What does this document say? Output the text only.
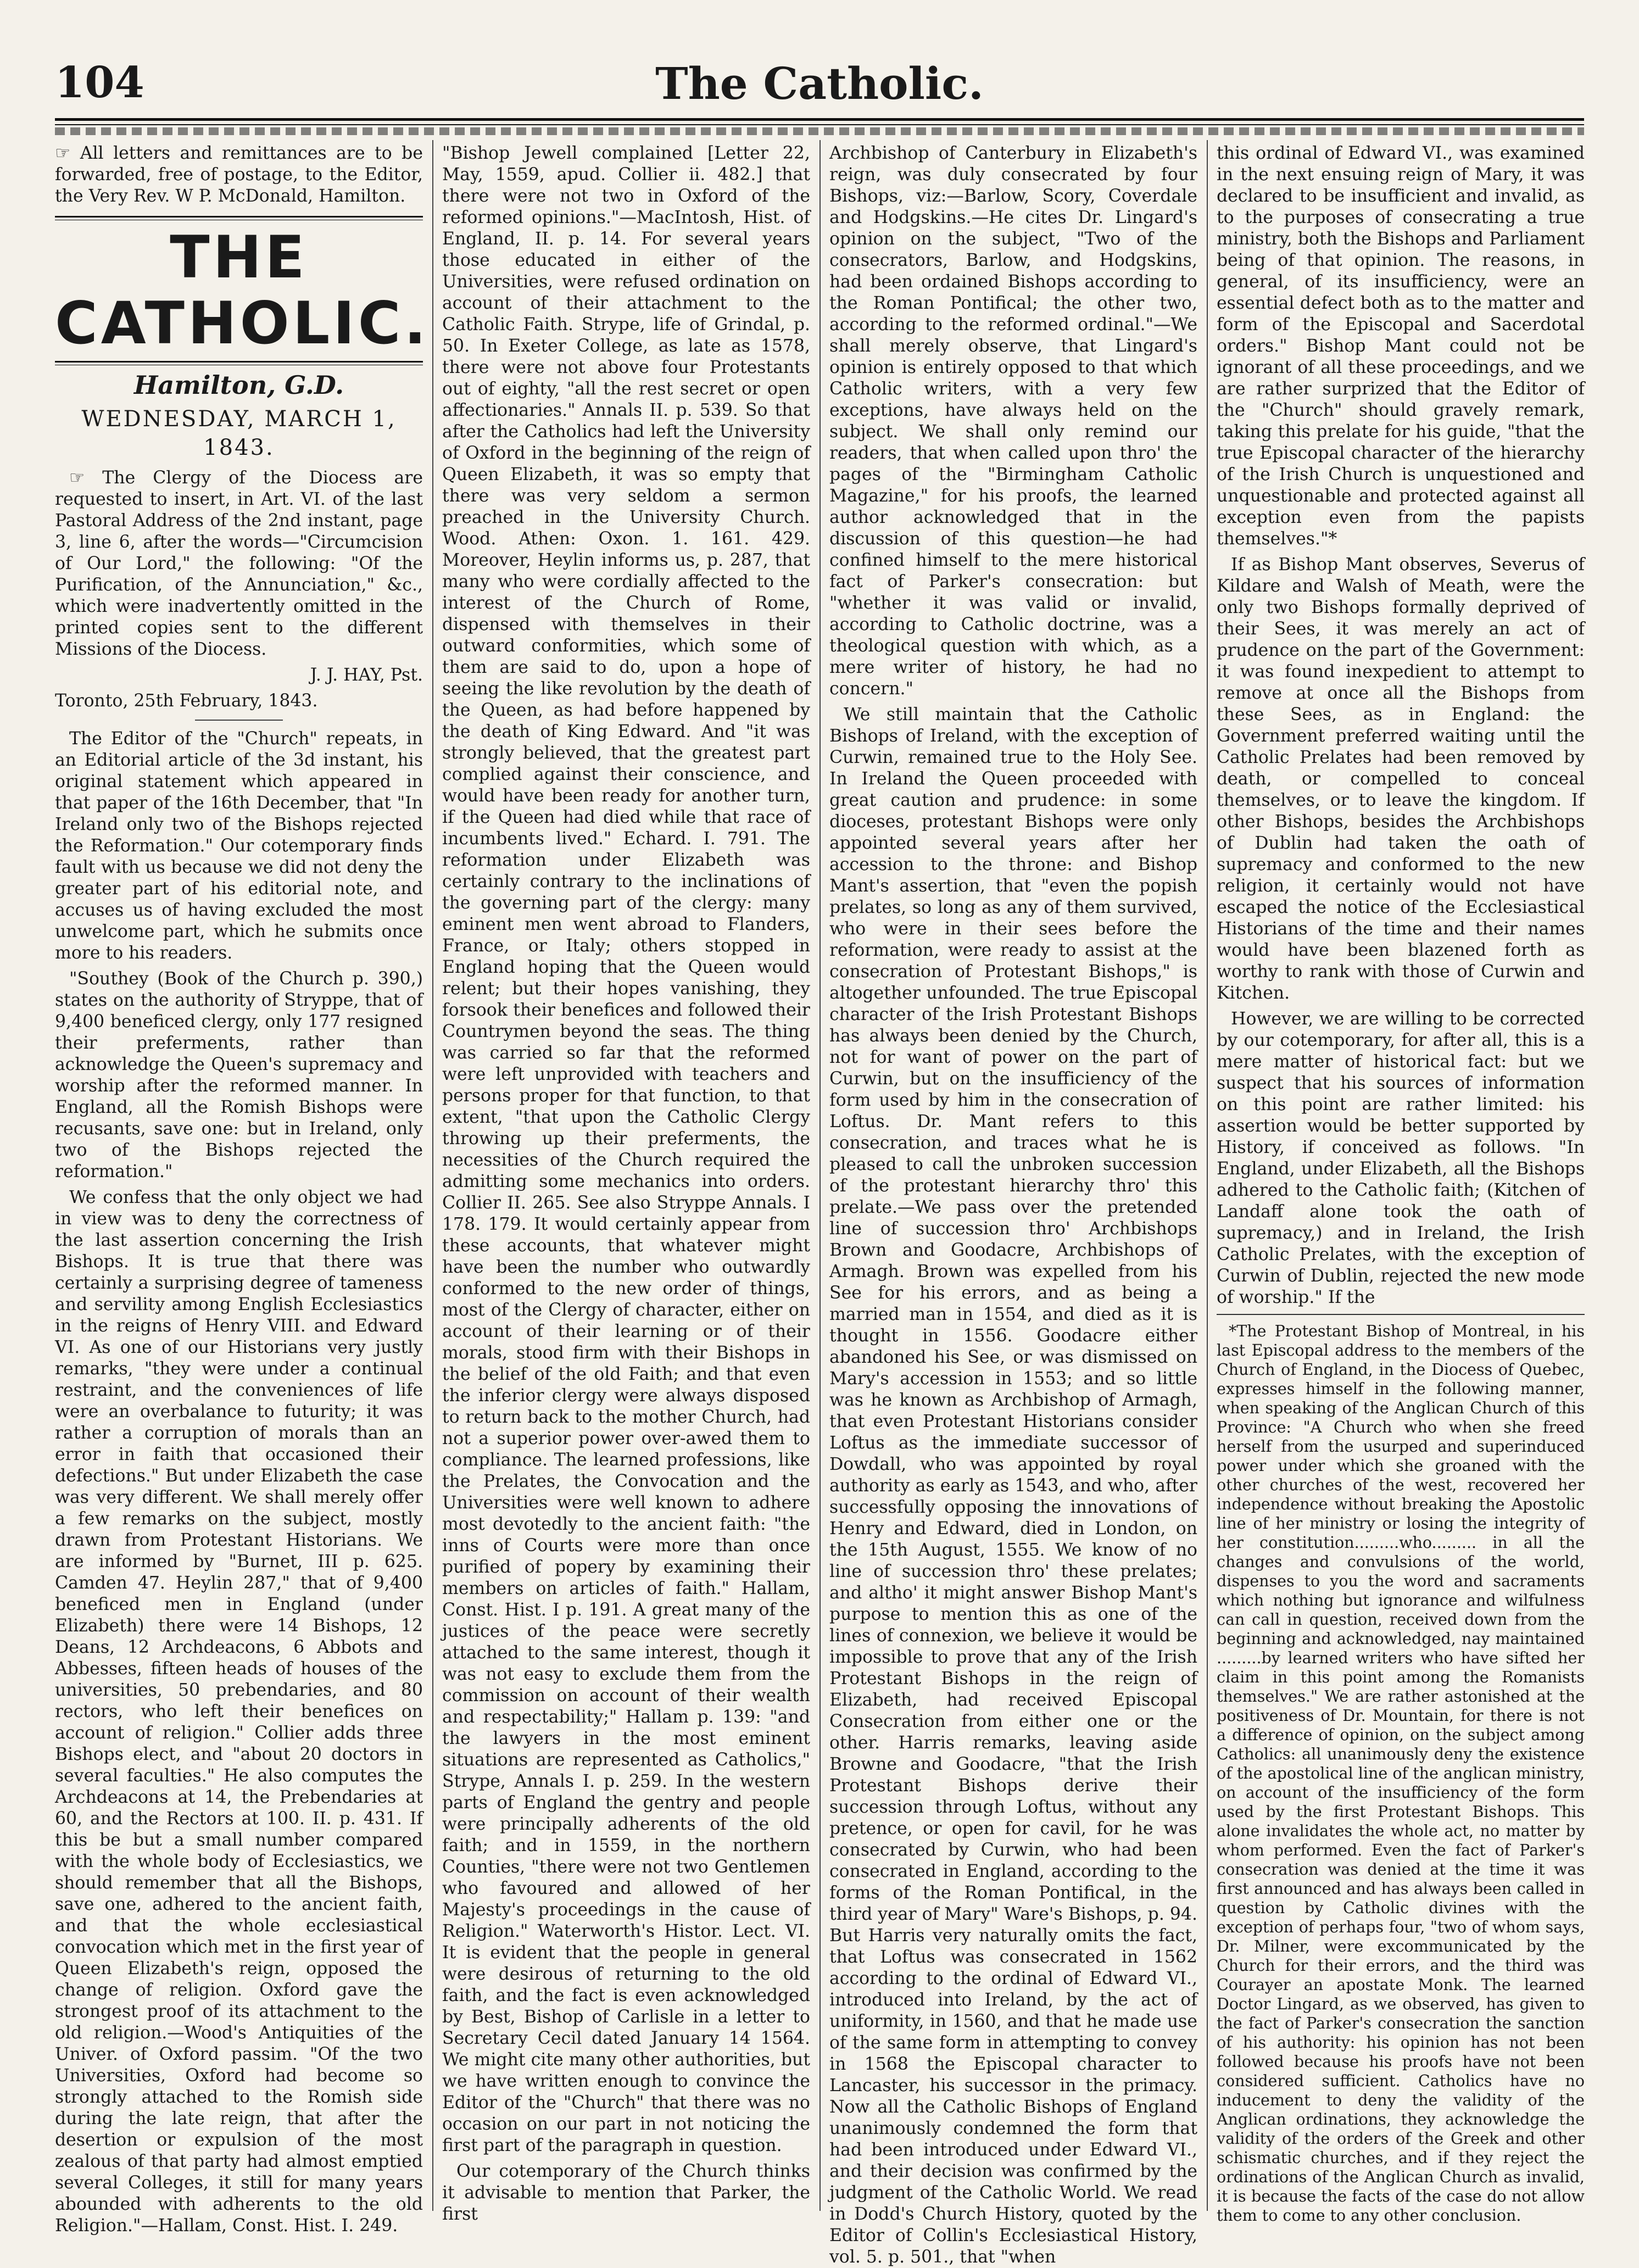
104	The Catholic.

☞ All letters and remittances are to be forwarded, free of postage, to the Editor, the Very Rev. W P. McDonald, Hamilton.

THE CATHOLIC.
Hamilton, G.D.
WEDNESDAY, MARCH 1, 1843.

☞ The Clergy of the Diocess are requested to insert, in Art. VI. of the last Pastoral Address of the 2nd instant, page 3, line 6, after the words—"Circumcision of Our Lord," the following: "Of the Purification, of the Annunciation," &c., which were inadvertently omitted in the printed copies sent to the different Missions of the Diocess.

J. J. HAY, Pst.

Toronto, 25th February, 1843.

The Editor of the "Church" repeats, in an Editorial article of the 3d instant, his original statement which appeared in that paper of the 16th December, that "In Ireland only two of the Bishops rejected the Reformation." Our cotemporary finds fault with us because we did not deny the greater part of his editorial note, and accuses us of having excluded the most unwelcome part, which he submits once more to his readers.

"Southey (Book of the Church p. 390,) states on the authority of Stryppe, that of 9,400 beneficed clergy, only 177 resigned their preferments, rather than acknowledge the Queen's supremacy and worship after the reformed manner. In England, all the Romish Bishops were recusants, save one: but in Ireland, only two of the Bishops rejected the reformation."

We confess that the only object we had in view was to deny the correctness of the last assertion concerning the Irish Bishops. It is true that there was certainly a surprising degree of tameness and servility among English Ecclesiastics in the reigns of Henry VIII. and Edward VI. As one of our Historians very justly remarks, "they were under a continual restraint, and the conveniences of life were an overbalance to futurity; it was rather a corruption of morals than an error in faith that occasioned their defections." But under Elizabeth the case was very different. We shall merely offer a few remarks on the subject, mostly drawn from Protestant Historians. We are informed by "Burnet, III p. 625. Camden 47. Heylin 287," that of 9,400 beneficed men in England (under Elizabeth) there were 14 Bishops, 12 Deans, 12 Archdeacons, 6 Abbots and Abbesses, fifteen heads of houses of the universities, 50 prebendaries, and 80 rectors, who left their benefices on account of religion." Collier adds three Bishops elect, and "about 20 doctors in several faculties." He also computes the Archdeacons at 14, the Prebendaries at 60, and the Rectors at 100. II. p. 431. If this be but a small number compared with the whole body of Ecclesiastics, we should remember that all the Bishops, save one, adhered to the ancient faith, and that the whole ecclesiastical convocation which met in the first year of Queen Elizabeth's reign, opposed the change of religion. Oxford gave the strongest proof of its attachment to the old religion.—Wood's Antiquities of the Univer. of Oxford passim. "Of the two Universities, Oxford had become so strongly attached to the Romish side during the late reign, that after the desertion or expulsion of the most zealous of that party had almost emptied several Colleges, it still for many years abounded with adherents to the old Religion."—Hallam, Const. Hist. I. 249.

"Bishop Jewell complained [Letter 22, May, 1559, apud. Collier ii. 482.] that there were not two in Oxford of the reformed opinions."—MacIntosh, Hist. of England, II. p. 14. For several years those educated in either of the Universities, were refused ordination on account of their attachment to the Catholic Faith. Strype, life of Grindal, p. 50. In Exeter College, as late as 1578, there were not above four Protestants out of eighty, "all the rest secret or open affectionaries." Annals II. p. 539. So that after the Catholics had left the University of Oxford in the beginning of the reign of Queen Elizabeth, it was so empty that there was very seldom a sermon preached in the University Church. Wood. Athen: Oxon. 1. 161. 429. Moreover, Heylin informs us, p. 287, that many who were cordially affected to the interest of the Church of Rome, dispensed with themselves in their outward conformities, which some of them are said to do, upon a hope of seeing the like revolution by the death of the Queen, as had before happened by the death of King Edward. And "it was strongly believed, that the greatest part complied against their conscience, and would have been ready for another turn, if the Queen had died while that race of incumbents lived." Echard. I. 791. The reformation under Elizabeth was certainly contrary to the inclinations of the governing part of the clergy: many eminent men went abroad to Flanders, France, or Italy; others stopped in England hoping that the Queen would relent; but their hopes vanishing, they forsook their benefices and followed their Countrymen beyond the seas. The thing was carried so far that the reformed were left unprovided with teachers and persons proper for that function, to that extent, "that upon the Catholic Clergy throwing up their preferments, the necessities of the Church required the admitting some mechanics into orders. Collier II. 265. See also Stryppe Annals. I 178. 179. It would certainly appear from these accounts, that whatever might have been the number who outwardly conformed to the new order of things, most of the Clergy of character, either on account of their learning or of their morals, stood firm with their Bishops in the belief of the old Faith; and that even the inferior clergy were always disposed to return back to the mother Church, had not a superior power over-awed them to compliance. The learned professions, like the Prelates, the Convocation and the Universities were well known to adhere most devotedly to the ancient faith: "the inns of Courts were more than once purified of popery by examining their members on articles of faith." Hallam, Const. Hist. I p. 191. A great many of the justices of the peace were secretly attached to the same interest, though it was not easy to exclude them from the commission on account of their wealth and respectability;" Hallam p. 139: "and the lawyers in the most eminent situations are represented as Catholics," Strype, Annals I. p. 259. In the western parts of England the gentry and people were principally adherents of the old faith; and in 1559, in the northern Counties, "there were not two Gentlemen who favoured and allowed of her Majesty's proceedings in the cause of Religion." Waterworth's Histor. Lect. VI. It is evident that the people in general were desirous of returning to the old faith, and the fact is even acknowledged by Best, Bishop of Carlisle in a letter to Secretary Cecil dated January 14 1564. We might cite many other authorities, but we have written enough to convince the Editor of the "Church" that there was no occasion on our part in not noticing the first part of the paragraph in question.

Our cotemporary of the Church thinks it advisable to mention that Parker, the first

Archbishop of Canterbury in Elizabeth's reign, was duly consecrated by four Bishops, viz:—Barlow, Scory, Coverdale and Hodgskins.—He cites Dr. Lingard's opinion on the subject, "Two of the consecrators, Barlow, and Hodgskins, had been ordained Bishops according to the Roman Pontifical; the other two, according to the reformed ordinal."—We shall merely observe, that Lingard's opinion is entirely opposed to that which Catholic writers, with a very few exceptions, have always held on the subject. We shall only remind our readers, that when called upon thro' the pages of the "Birmingham Catholic Magazine," for his proofs, the learned author acknowledged that in the discussion of this question—he had confined himself to the mere historical fact of Parker's consecration: but "whether it was valid or invalid, according to Catholic doctrine, was a theological question with which, as a mere writer of history, he had no concern."

We still maintain that the Catholic Bishops of Ireland, with the exception of Curwin, remained true to the Holy See. In Ireland the Queen proceeded with great caution and prudence: in some dioceses, protestant Bishops were only appointed several years after her accession to the throne: and Bishop Mant's assertion, that "even the popish prelates, so long as any of them survived, who were in their sees before the reformation, were ready to assist at the consecration of Protestant Bishops," is altogether unfounded. The true Episcopal character of the Irish Protestant Bishops has always been denied by the Church, not for want of power on the part of Curwin, but on the insufficiency of the form used by him in the consecration of Loftus. Dr. Mant refers to this consecration, and traces what he is pleased to call the unbroken succession of the protestant hierarchy thro' this prelate.—We pass over the pretended line of succession thro' Archbishops Brown and Goodacre, Archbishops of Armagh. Brown was expelled from his See for his errors, and as being a married man in 1554, and died as it is thought in 1556. Goodacre either abandoned his See, or was dismissed on Mary's accession in 1553; and so little was he known as Archbishop of Armagh, that even Protestant Historians consider Loftus as the immediate successor of Dowdall, who was appointed by royal authority as early as 1543, and who, after successfully opposing the innovations of Henry and Edward, died in London, on the 15th August, 1555. We know of no line of succession thro' these prelates; and altho' it might answer Bishop Mant's purpose to mention this as one of the lines of connexion, we believe it would be impossible to prove that any of the Irish Protestant Bishops in the reign of Elizabeth, had received Episcopal Consecration from either one or the other. Harris remarks, leaving aside Browne and Goodacre, "that the Irish Protestant Bishops derive their succession through Loftus, without any pretence, or open for cavil, for he was consecrated by Curwin, who had been consecrated in England, according to the forms of the Roman Pontifical, in the third year of Mary" Ware's Bishops, p. 94. But Harris very naturally omits the fact, that Loftus was consecrated in 1562 according to the ordinal of Edward VI., introduced into Ireland, by the act of uniformity, in 1560, and that he made use of the same form in attempting to convey in 1568 the Episcopal character to Lancaster, his successor in the primacy. Now all the Catholic Bishops of England unanimously condemned the form that had been introduced under Edward VI., and their decision was confirmed by the judgment of the Catholic World. We read in Dodd's Church History, quoted by the Editor of Collin's Ecclesiastical History, vol. 5. p. 501., that "when

this ordinal of Edward VI., was examined in the next ensuing reign of Mary, it was declared to be insufficient and invalid, as to the purposes of consecrating a true ministry, both the Bishops and Parliament being of that opinion. The reasons, in general, of its insufficiency, were an essential defect both as to the matter and form of the Episcopal and Sacerdotal orders." Bishop Mant could not be ignorant of all these proceedings, and we are rather surprized that the Editor of the "Church" should gravely remark, taking this prelate for his guide, "that the true Episcopal character of the hierarchy of the Irish Church is unquestioned and unquestionable and protected against all exception even from the papists themselves."*

If as Bishop Mant observes, Severus of Kildare and Walsh of Meath, were the only two Bishops formally deprived of their Sees, it was merely an act of prudence on the part of the Government: it was found inexpedient to attempt to remove at once all the Bishops from these Sees, as in England: the Government preferred waiting until the Catholic Prelates had been removed by death, or compelled to conceal themselves, or to leave the kingdom. If other Bishops, besides the Archbishops of Dublin had taken the oath of supremacy and conformed to the new religion, it certainly would not have escaped the notice of the Ecclesiastical Historians of the time and their names would have been blazened forth as worthy to rank with those of Curwin and Kitchen.

However, we are willing to be corrected by our cotemporary, for after all, this is a mere matter of historical fact: but we suspect that his sources of information on this point are rather limited: his assertion would be better supported by History, if conceived as follows. "In England, under Elizabeth, all the Bishops adhered to the Catholic faith; (Kitchen of Landaff alone took the oath of supremacy,) and in Ireland, the Irish Catholic Prelates, with the exception of Curwin of Dublin, rejected the new mode of worship." If the

*The Protestant Bishop of Montreal, in his last Episcopal address to the members of the Church of England, in the Diocess of Quebec, expresses himself in the following manner, when speaking of the Anglican Church of this Province: "A Church who when she freed herself from the usurped and superinduced power under which she groaned with the other churches of the west, recovered her independence without breaking the Apostolic line of her ministry or losing the integrity of her constitution.........who......... in all the changes and convulsions of the world, dispenses to you the word and sacraments which nothing but ignorance and wilfulness can call in question, received down from the beginning and acknowledged, nay maintained .........by learned writers who have sifted her claim in this point among the Romanists themselves." We are rather astonished at the positiveness of Dr. Mountain, for there is not a difference of opinion, on the subject among Catholics: all unanimously deny the existence of the apostolical line of the anglican ministry, on account of the insufficiency of the form used by the first Protestant Bishops. This alone invalidates the whole act, no matter by whom performed. Even the fact of Parker's consecration was denied at the time it was first announced and has always been called in question by Catholic divines with the exception of perhaps four, "two of whom says, Dr. Milner, were excommunicated by the Church for their errors, and the third was Courayer an apostate Monk. The learned Doctor Lingard, as we observed, has given to the fact of Parker's consecration the sanction of his authority: his opinion has not been followed because his proofs have not been considered sufficient. Catholics have no inducement to deny the validity of the Anglican ordinations, they acknowledge the validity of the orders of the Greek and other schismatic churches, and if they reject the ordinations of the Anglican Church as invalid, it is because the facts of the case do not allow them to come to any other conclusion.
